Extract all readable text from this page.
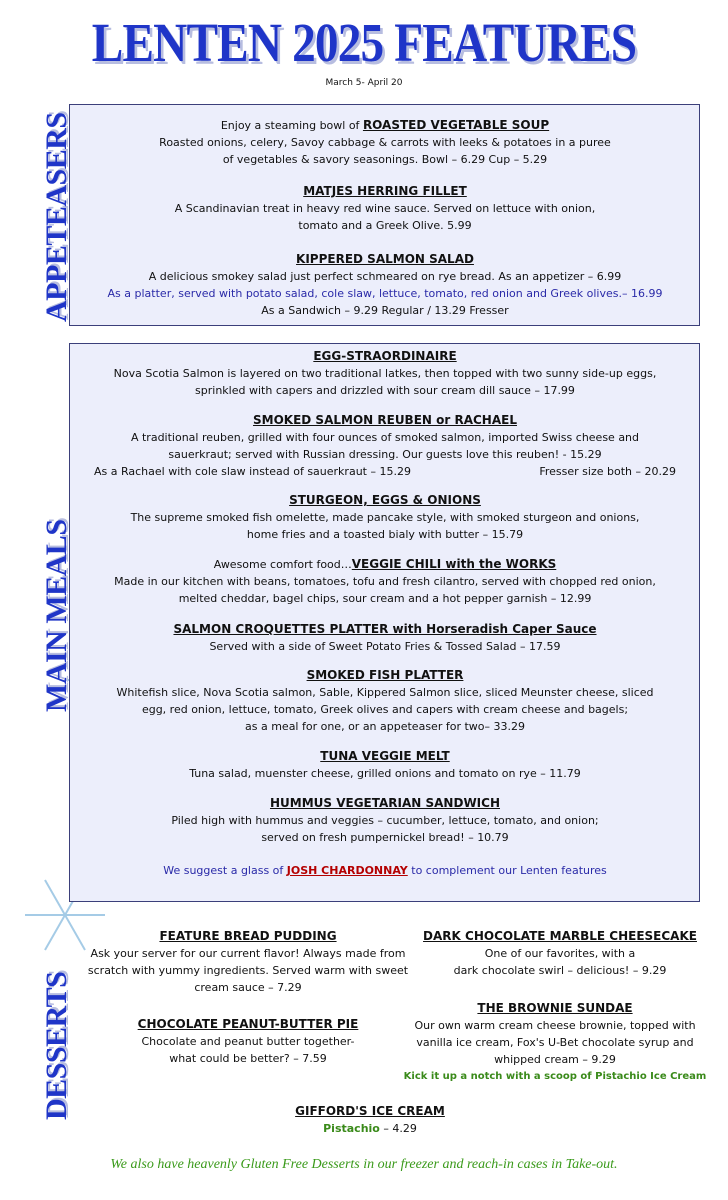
LENTEN 2025 FEATURES
March 5- April 20
APPETEASERS
MAIN MEALS
DESSERTS
Enjoy a steaming bowl of ROASTED VEGETABLE SOUP
Roasted onions, celery, Savoy cabbage & carrots with leeks & potatoes in a puree
of vegetables & savory seasonings. Bowl – 6.29 Cup – 5.29
MATJES HERRING FILLET
A Scandinavian treat in heavy red wine sauce. Served on lettuce with onion,
tomato and a Greek Olive. 5.99
KIPPERED SALMON SALAD
A delicious smokey salad just perfect schmeared on rye bread. As an appetizer – 6.99
As a platter, served with potato salad, cole slaw, lettuce, tomato, red onion and Greek olives.– 16.99
As a Sandwich – 9.29 Regular / 13.29 Fresser
EGG-STRAORDINAIRE
Nova Scotia Salmon is layered on two traditional latkes, then topped with two sunny side-up eggs,
sprinkled with capers and drizzled with sour cream dill sauce – 17.99
SMOKED SALMON REUBEN or RACHAEL
A traditional reuben, grilled with four ounces of smoked salmon, imported Swiss cheese and
sauerkraut; served with Russian dressing. Our guests love this reuben! - 15.29
As a Rachael with cole slaw instead of sauerkraut – 15.29	Fresser size both – 20.29
STURGEON, EGGS & ONIONS
The supreme smoked fish omelette, made pancake style, with smoked sturgeon and onions,
home fries and a toasted bialy with butter – 15.79
Awesome comfort food…VEGGIE CHILI with the WORKS
Made in our kitchen with beans, tomatoes, tofu and fresh cilantro, served with chopped red onion,
melted cheddar, bagel chips, sour cream and a hot pepper garnish – 12.99
SALMON CROQUETTES PLATTER with Horseradish Caper Sauce
Served with a side of Sweet Potato Fries & Tossed Salad – 17.59
SMOKED FISH PLATTER
Whitefish slice, Nova Scotia salmon, Sable, Kippered Salmon slice, sliced Meunster cheese, sliced
egg, red onion, lettuce, tomato, Greek olives and capers with cream cheese and bagels;
as a meal for one, or an appeteaser for two– 33.29
TUNA VEGGIE MELT
Tuna salad, muenster cheese, grilled onions and tomato on rye – 11.79
HUMMUS VEGETARIAN SANDWICH
Piled high with hummus and veggies – cucumber, lettuce, tomato, and onion;
served on fresh pumpernickel bread! – 10.79
We suggest a glass of JOSH CHARDONNAY to complement our Lenten features
FEATURE BREAD PUDDING
Ask your server for our current flavor! Always made from
scratch with yummy ingredients. Served warm with sweet
cream sauce – 7.29
CHOCOLATE PEANUT-BUTTER PIE
Chocolate and peanut butter together-
what could be better? – 7.59
DARK CHOCOLATE MARBLE CHEESECAKE
One of our favorites, with a
dark chocolate swirl – delicious! – 9.29
THE BROWNIE SUNDAE
Our own warm cream cheese brownie, topped with
vanilla ice cream, Fox's U-Bet chocolate syrup and
whipped cream – 9.29
Kick it up a notch with a scoop of Pistachio Ice Cream
GIFFORD'S ICE CREAM
Pistachio – 4.29
We also have heavenly Gluten Free Desserts in our freezer and reach-in cases in Take-out.
